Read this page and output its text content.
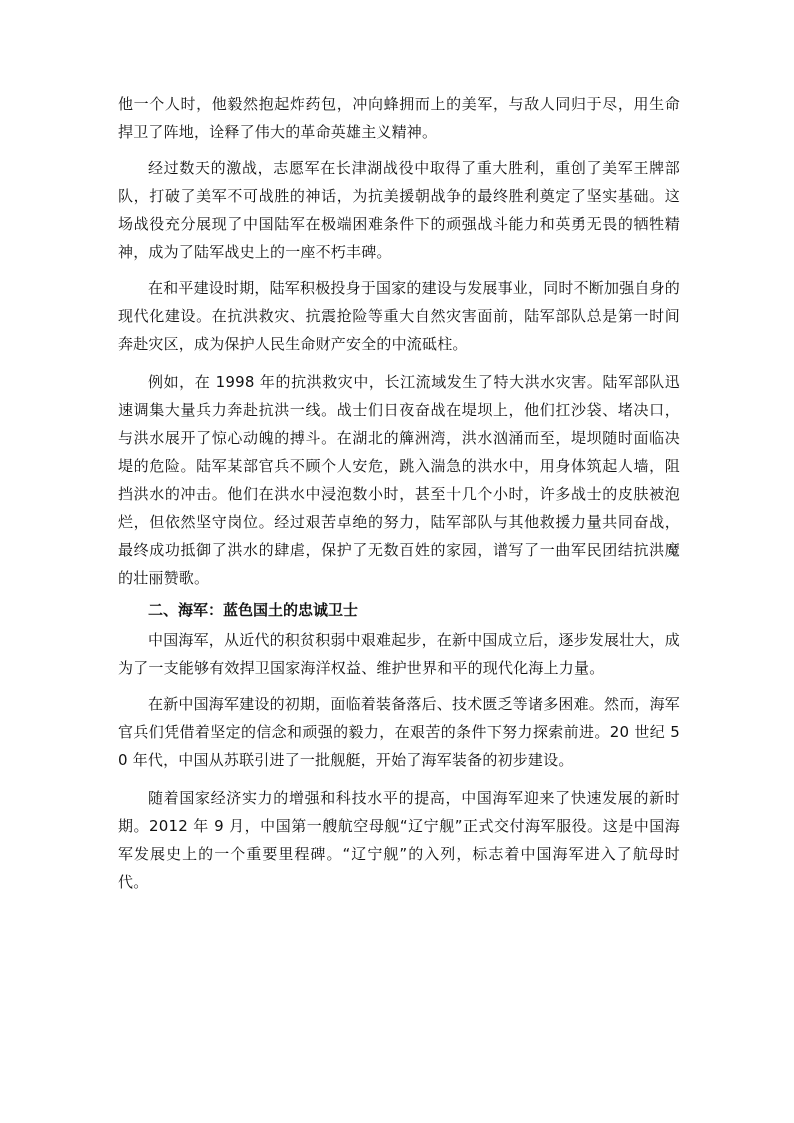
他一个人时，他毅然抱起炸药包，冲向蜂拥而上的美军，与敌人同归于尽，用生命捍卫了阵地，诠释了伟大的革命英雄主义精神。

经过数天的激战，志愿军在长津湖战役中取得了重大胜利，重创了美军王牌部队，打破了美军不可战胜的神话，为抗美援朝战争的最终胜利奠定了坚实基础。这场战役充分展现了中国陆军在极端困难条件下的顽强战斗能力和英勇无畏的牺牲精神，成为了陆军战史上的一座不朽丰碑。

在和平建设时期，陆军积极投身于国家的建设与发展事业，同时不断加强自身的现代化建设。在抗洪救灾、抗震抢险等重大自然灾害面前，陆军部队总是第一时间奔赴灾区，成为保护人民生命财产安全的中流砥柱。

例如，在 1998 年的抗洪救灾中，长江流域发生了特大洪水灾害。陆军部队迅速调集大量兵力奔赴抗洪一线。战士们日夜奋战在堤坝上，他们扛沙袋、堵决口，与洪水展开了惊心动魄的搏斗。在湖北的簰洲湾，洪水汹涌而至，堤坝随时面临决堤的危险。陆军某部官兵不顾个人安危，跳入湍急的洪水中，用身体筑起人墙，阻挡洪水的冲击。他们在洪水中浸泡数小时，甚至十几个小时，许多战士的皮肤被泡烂，但依然坚守岗位。经过艰苦卓绝的努力，陆军部队与其他救援力量共同奋战，最终成功抵御了洪水的肆虐，保护了无数百姓的家园，谱写了一曲军民团结抗洪魔的壮丽赞歌。

二、海军：蓝色国土的忠诚卫士

中国海军，从近代的积贫积弱中艰难起步，在新中国成立后，逐步发展壮大，成为了一支能够有效捍卫国家海洋权益、维护世界和平的现代化海上力量。

在新中国海军建设的初期，面临着装备落后、技术匮乏等诸多困难。然而，海军官兵们凭借着坚定的信念和顽强的毅力，在艰苦的条件下努力探索前进。20 世纪 50 年代，中国从苏联引进了一批舰艇，开始了海军装备的初步建设。

随着国家经济实力的增强和科技水平的提高，中国海军迎来了快速发展的新时期。2012 年 9 月，中国第一艘航空母舰“辽宁舰”正式交付海军服役。这是中国海军发展史上的一个重要里程碑。“辽宁舰”的入列，标志着中国海军进入了航母时代。
